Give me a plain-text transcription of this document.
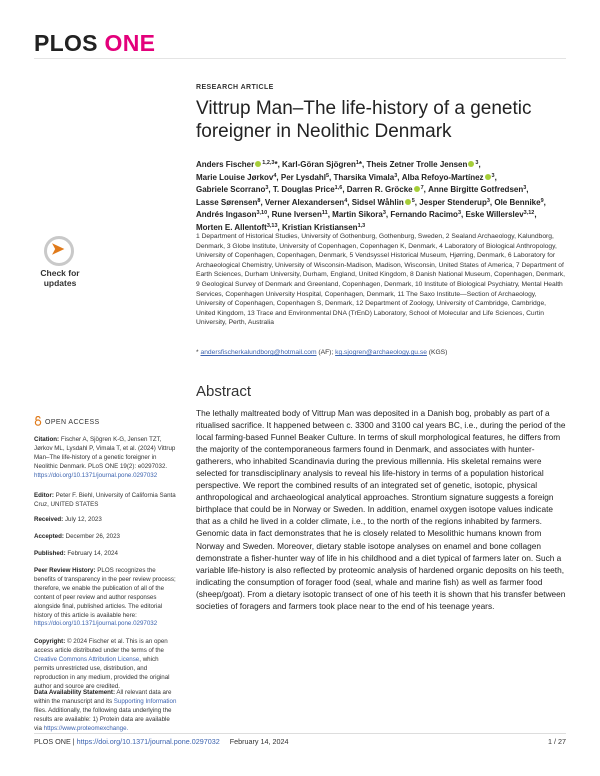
PLOS ONE
RESEARCH ARTICLE
Vittrup Man–The life-history of a genetic foreigner in Neolithic Denmark
Anders Fischer $^{1,2,3}$*, Karl-Göran Sjögren$^1$*, Theis Zetner Trolle Jensen $^3$, Marie Louise Jørkov$^4$, Per Lysdahl$^5$, Tharsika Vimala$^3$, Alba Refoyo-Martínez $^3$, Gabriele Scorrano$^3$, T. Douglas Price$^{1,6}$, Darren R. Gröcke $^7$, Anne Birgitte Gotfredsen$^3$, Lasse Sørensen$^8$, Verner Alexandersen$^4$, Sidsel Wåhlin $^5$, Jesper Stenderup$^3$, Ole Bennike$^9$, Andrés Ingason$^{3,10}$, Rune Iversen$^{11}$, Martin Sikora$^3$, Fernando Racimo$^3$, Eske Willerslev$^{3,12}$, Morten E. Allentoft$^{3,13}$, Kristian Kristiansen$^{1,3}$
1 Department of Historical Studies, University of Gothenburg, Gothenburg, Sweden, 2 Sealand Archaeology, Kalundborg, Denmark, 3 Globe Institute, University of Copenhagen, Copenhagen K, Denmark, 4 Laboratory of Biological Anthropology, University of Copenhagen, Copenhagen, Denmark, 5 Vendsyssel Historical Museum, Hjørring, Denmark, 6 Laboratory for Archaeological Chemistry, University of Wisconsin-Madison, Madison, Wisconsin, United States of America, 7 Department of Earth Sciences, Durham University, Durham, England, United Kingdom, 8 Danish National Museum, Copenhagen, Denmark, 9 Geological Survey of Denmark and Greenland, Copenhagen, Denmark, 10 Institute of Biological Psychiatry, Mental Health Services, Copenhagen University Hospital, Copenhagen, Denmark, 11 The Saxo Institute—Section of Archaeology, University of Copenhagen, Copenhagen S, Denmark, 12 Department of Zoology, University of Cambridge, Cambridge, United Kingdom, 13 Trace and Environmental DNA (TrEnD) Laboratory, School of Molecular and Life Sciences, Curtin University, Perth, Australia
* andersfischerkalundborg@hotmail.com (AF); kg.sjogren@archaeology.gu.se (KGS)
Abstract
The lethally maltreated body of Vittrup Man was deposited in a Danish bog, probably as part of a ritualised sacrifice. It happened between c. 3300 and 3100 cal years BC, i.e., during the period of the local farming-based Funnel Beaker Culture. In terms of skull morphological features, he differs from the majority of the contemporaneous farmers found in Denmark, and associates with hunter-gatherers, who inhabited Scandinavia during the previous millennia. His skeletal remains were selected for transdisciplinary analysis to reveal his life-history in terms of a population historical perspective. We report the combined results of an integrated set of genetic, isotopic, physical anthropological and archaeological analytical approaches. Strontium signature suggests a foreign birthplace that could be in Norway or Sweden. In addition, enamel oxygen isotope values indicate that as a child he lived in a colder climate, i.e., to the north of the regions inhabited by farmers. Genomic data in fact demonstrates that he is closely related to Mesolithic humans known from Norway and Sweden. Moreover, dietary stable isotope analyses on enamel and bone collagen demonstrate a fisher-hunter way of life in his childhood and a diet typical of farmers later on. Such a variable life-history is also reflected by proteomic analysis of hardened organic deposits on his teeth, indicating the consumption of forager food (seal, whale and marine fish) as well as farmer food (sheep/goat). From a dietary isotopic transect of one of his teeth it is shown that his transfer between societies of foragers and farmers took place near to the end of his teenage years.
➤
Check for
updates
OPEN ACCESS
Citation: Fischer A, Sjögren K-G, Jensen TZT, Jørkov ML, Lysdahl P, Vimala T, et al. (2024) Vittrup Man–The life-history of a genetic foreigner in Neolithic Denmark. PLoS ONE 19(2): e0297032. https://doi.org/10.1371/journal.pone.0297032
Editor: Peter F. Biehl, University of California Santa Cruz, UNITED STATES
Received: July 12, 2023
Accepted: December 26, 2023
Published: February 14, 2024
Peer Review History: PLOS recognizes the benefits of transparency in the peer review process; therefore, we enable the publication of all of the content of peer review and author responses alongside final, published articles. The editorial history of this article is available here: https://doi.org/10.1371/journal.pone.0297032
Copyright: © 2024 Fischer et al. This is an open access article distributed under the terms of the Creative Commons Attribution License, which permits unrestricted use, distribution, and reproduction in any medium, provided the original author and source are credited.
Data Availability Statement: All relevant data are within the manuscript and its Supporting Information files. Additionally, the following data underlying the results are available: 1) Protein data are available via https://www.proteomexchange.
PLOS ONE | https://doi.org/10.1371/journal.pone.0297032 February 14, 2024	1 / 27
